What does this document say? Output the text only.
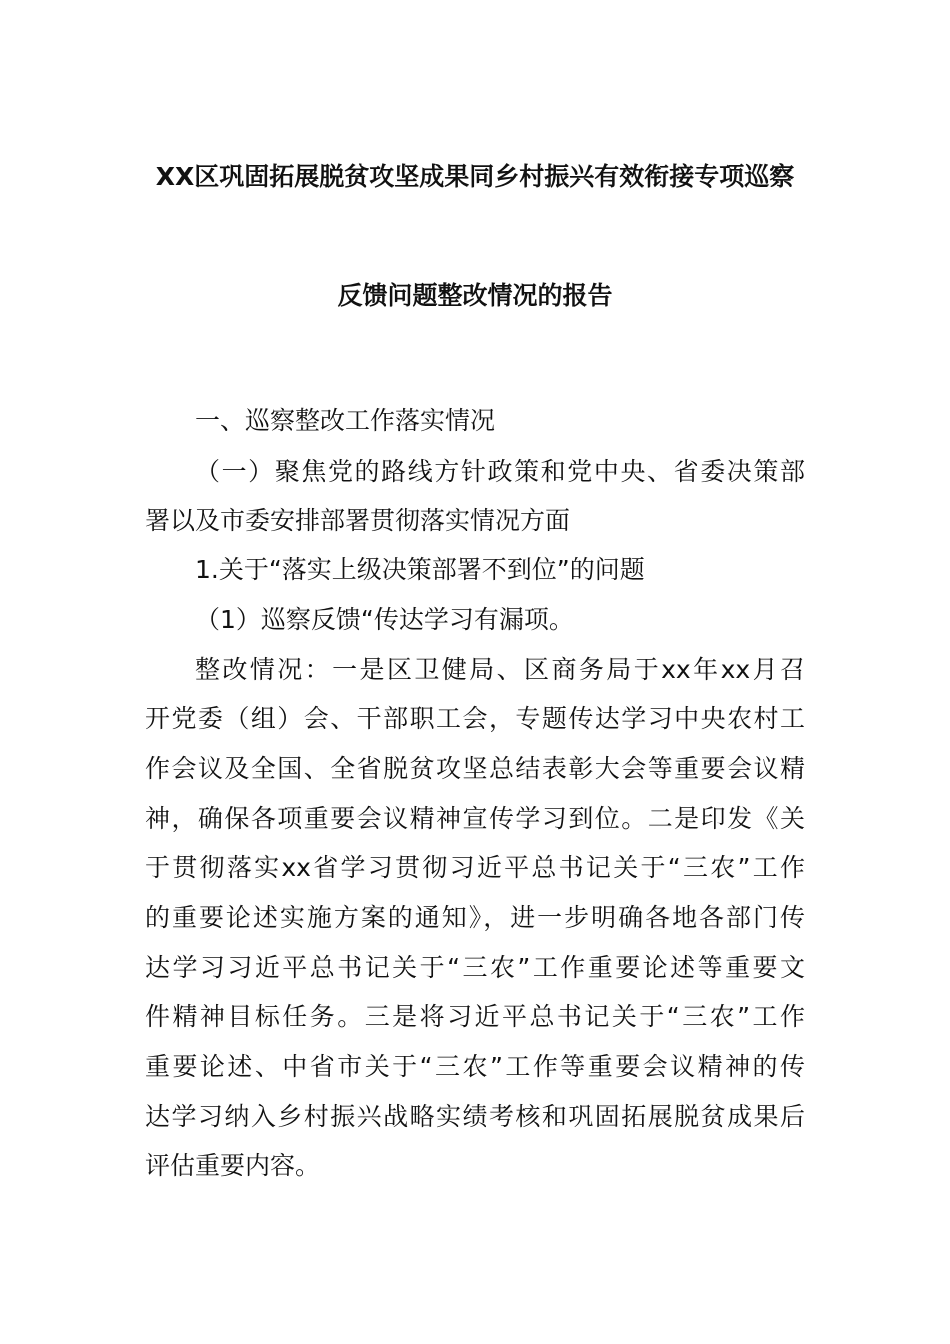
XX区巩固拓展脱贫攻坚成果同乡村振兴有效衔接专项巡察
反馈问题整改情况的报告
一、巡察整改工作落实情况
（一）聚焦党的路线方针政策和党中央、省委决策部
署以及市委安排部署贯彻落实情况方面
1.关于“落实上级决策部署不到位”的问题
（1）巡察反馈“传达学习有漏项。
整改情况：一是区卫健局、区商务局于xx年xx月召
开党委（组）会、干部职工会，专题传达学习中央农村工
作会议及全国、全省脱贫攻坚总结表彰大会等重要会议精
神，确保各项重要会议精神宣传学习到位。二是印发《关
于贯彻落实xx省学习贯彻习近平总书记关于“三农”工作
的重要论述实施方案的通知》，进一步明确各地各部门传
达学习习近平总书记关于“三农”工作重要论述等重要文
件精神目标任务。三是将习近平总书记关于“三农”工作
重要论述、中省市关于“三农”工作等重要会议精神的传
达学习纳入乡村振兴战略实绩考核和巩固拓展脱贫成果后
评估重要内容。
